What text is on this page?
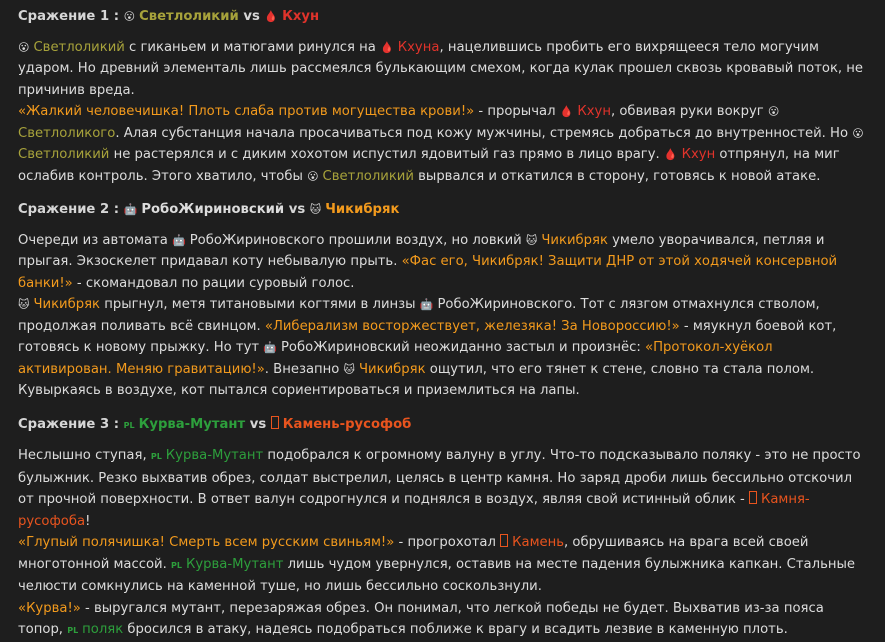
Сражение 1 : 😮 Светлоликий vs 🩸 Кхун
😮 Светлоликий с гиканьем и матюгами ринулся на 🩸 Кхуна, нацелившись пробить его вихрящееся тело могучим ударом. Но древний элементаль лишь рассмеялся булькающим смехом, когда кулак прошел сквозь кровавый поток, не причинив вреда.
«Жалкий человечишка! Плоть слаба против могущества крови!» - прорычал 🩸 Кхун, обвивая руки вокруг 😮Светлоликого. Алая субстанция начала просачиваться под кожу мужчины, стремясь добраться до внутренностей. Но 😮Светлоликий не растерялся и с диким хохотом испустил ядовитый газ прямо в лицо врагу. 🩸 Кхун отпрянул, на миг ослабив контроль. Этого хватило, чтобы 😮 Светлоликий вырвался и откатился в сторону, готовясь к новой атаке.
Сражение 2 : 🤖 РобоЖириновский vs 🐱 Чикибряк
Очереди из автомата 🤖 РобоЖириновского прошили воздух, но ловкий 🐱 Чикибряк умело уворачивался, петляя и прыгая. Экзоскелет придавал коту небывалую прыть. «Фас его, Чикибряк! Защити ДНР от этой ходячей консервной банки!» - скомандовал по рации суровый голос.
🐱 Чикибряк прыгнул, метя титановыми когтями в линзы 🤖 РобоЖириновского. Тот с лязгом отмахнулся стволом, продолжая поливать всё свинцом. «Либерализм восторжествует, железяка! За Новороссию!» - мяукнул боевой кот, готовясь к новому прыжку. Но тут 🤖 РобоЖириновский неожиданно застыл и произнёс: «Протокол-хуёкол активирован. Меняю гравитацию!». Внезапно 🐱 Чикибряк ощутил, что его тянет к стене, словно та стала полом. Кувыркаясь в воздухе, кот пытался сориентироваться и приземлиться на лапы.
Сражение 3 : PL Курва-Мутант vs Камень-русофоб
Неслышно ступая, PL Курва-Мутант подобрался к огромному валуну в углу. Что-то подсказывало поляку - это не просто булыжник. Резко выхватив обрез, солдат выстрелил, целясь в центр камня. Но заряд дроби лишь бессильно отскочил от прочной поверхности. В ответ валун содрогнулся и поднялся в воздух, являя свой истинный облик - Камня-русофоба!
«Глупый полячишка! Смерть всем русским свиньям!» - прогрохотал Камень, обрушиваясь на врага всей своей многотонной массой. PL Курва-Мутант лишь чудом увернулся, оставив на месте падения булыжника капкан. Стальные челюсти сомкнулись на каменной туше, но лишь бессильно соскользнули.
«Курва!» - выругался мутант, перезаряжая обрез. Он понимал, что легкой победы не будет. Выхватив из-за пояса топор, PL поляк бросился в атаку, надеясь подобраться поближе к врагу и всадить лезвие в каменную плоть.
